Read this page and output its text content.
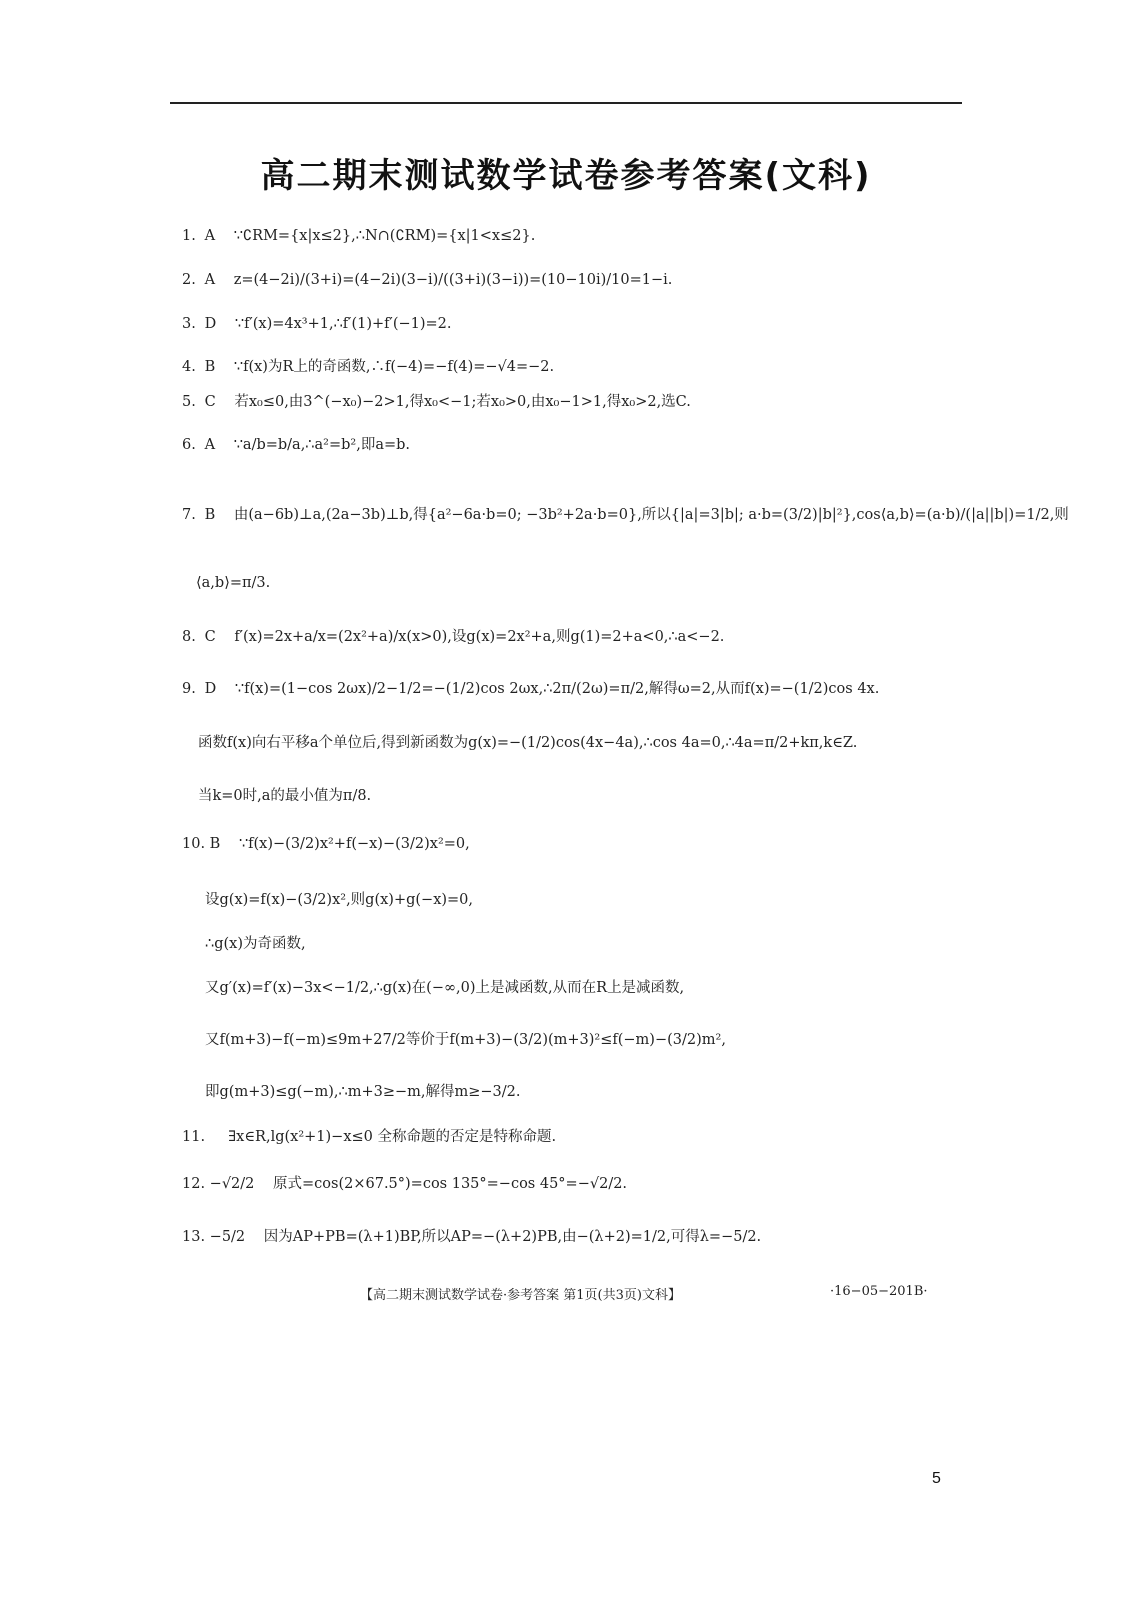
高二期末测试数学试卷参考答案(文科)
1. A ∵∁RM={x|x≤2},∴N∩(∁RM)={x|1<x≤2}.
2. A z=(4−2i)/(3+i)=(4−2i)(3−i)/((3+i)(3−i))=(10−10i)/10=1−i.
3. D ∵f′(x)=4x³+1,∴f′(1)+f′(−1)=2.
4. B ∵f(x)为R上的奇函数,∴f(−4)=−f(4)=−√4=−2.
5. C 若x₀≤0,由3^(−x₀)−2>1,得x₀<−1;若x₀>0,由x₀−1>1,得x₀>2,选C.
6. A ∵a/b=b/a,∴a²=b²,即a=b.
7. B 由(a−6b)⊥a,(2a−3b)⊥b,得{a²−6a·b=0; −3b²+2a·b=0},所以{|a|=3|b|; a·b=(3/2)|b|²},cos⟨a,b⟩=(a·b)/(|a||b|)=1/2,则
⟨a,b⟩=π/3.
8. C f′(x)=2x+a/x=(2x²+a)/x(x>0),设g(x)=2x²+a,则g(1)=2+a<0,∴a<−2.
9. D ∵f(x)=(1−cos 2ωx)/2−1/2=−(1/2)cos 2ωx,∴2π/(2ω)=π/2,解得ω=2,从而f(x)=−(1/2)cos 4x.
函数f(x)向右平移a个单位后,得到新函数为g(x)=−(1/2)cos(4x−4a),∴cos 4a=0,∴4a=π/2+kπ,k∈Z.
当k=0时,a的最小值为π/8.
10. B ∵f(x)−(3/2)x²+f(−x)−(3/2)x²=0,
设g(x)=f(x)−(3/2)x²,则g(x)+g(−x)=0,
∴g(x)为奇函数,
又g′(x)=f′(x)−3x<−1/2,∴g(x)在(−∞,0)上是减函数,从而在R上是减函数,
又f(m+3)−f(−m)≤9m+27/2等价于f(m+3)−(3/2)(m+3)²≤f(−m)−(3/2)m²,
即g(m+3)≤g(−m),∴m+3≥−m,解得m≥−3/2.
11. ∃x∈R,lg(x²+1)−x≤0 全称命题的否定是特称命题.
12. −√2/2 原式=cos(2×67.5°)=cos 135°=−cos 45°=−√2/2.
13. −5/2 因为AP+PB=(λ+1)BP,所以AP=−(λ+2)PB,由−(λ+2)=1/2,可得λ=−5/2.
【高二期末测试数学试卷·参考答案 第1页(共3页)文科】	·16−05−201B·
5
